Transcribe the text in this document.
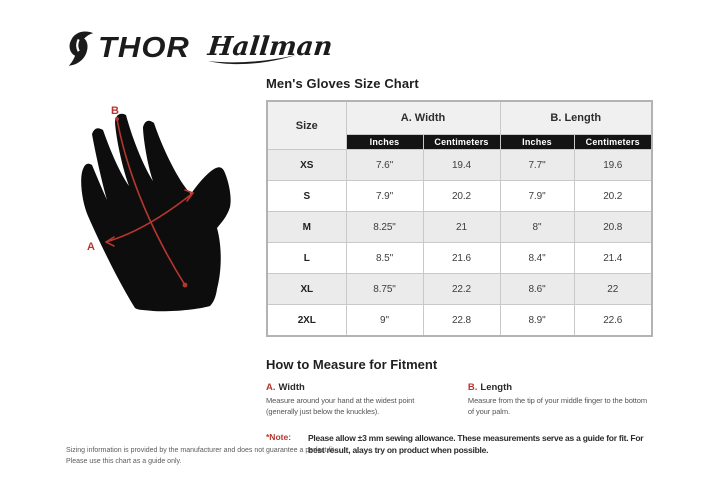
THOR Hallman
B
A
Men's Gloves Size Chart
Size	A. Width		B. Length	
	Inches	Centimeters	Inches	Centimeters
XS	7.6"	19.4	7.7"	19.6
S	7.9"	20.2	7.9"	20.2
M	8.25"	21	8"	20.8
L	8.5"	21.6	8.4"	21.4
XL	8.75"	22.2	8.6"	22
2XL	9"	22.8	8.9"	22.6
How to Measure for Fitment
A. Width

Measure around your hand at the widest point (generally just below the knuckles).

B. Length

Measure from the tip of your middle finger to the bottom of your palm.

*Note:	Please allow ±3 mm sewing allowance. These measurements serve as a guide for fit. For best result, alays try on product when possible.

Sizing information is provided by the manufacturer and does not guarantee a perfect fit.
Please use this chart as a guide only.
